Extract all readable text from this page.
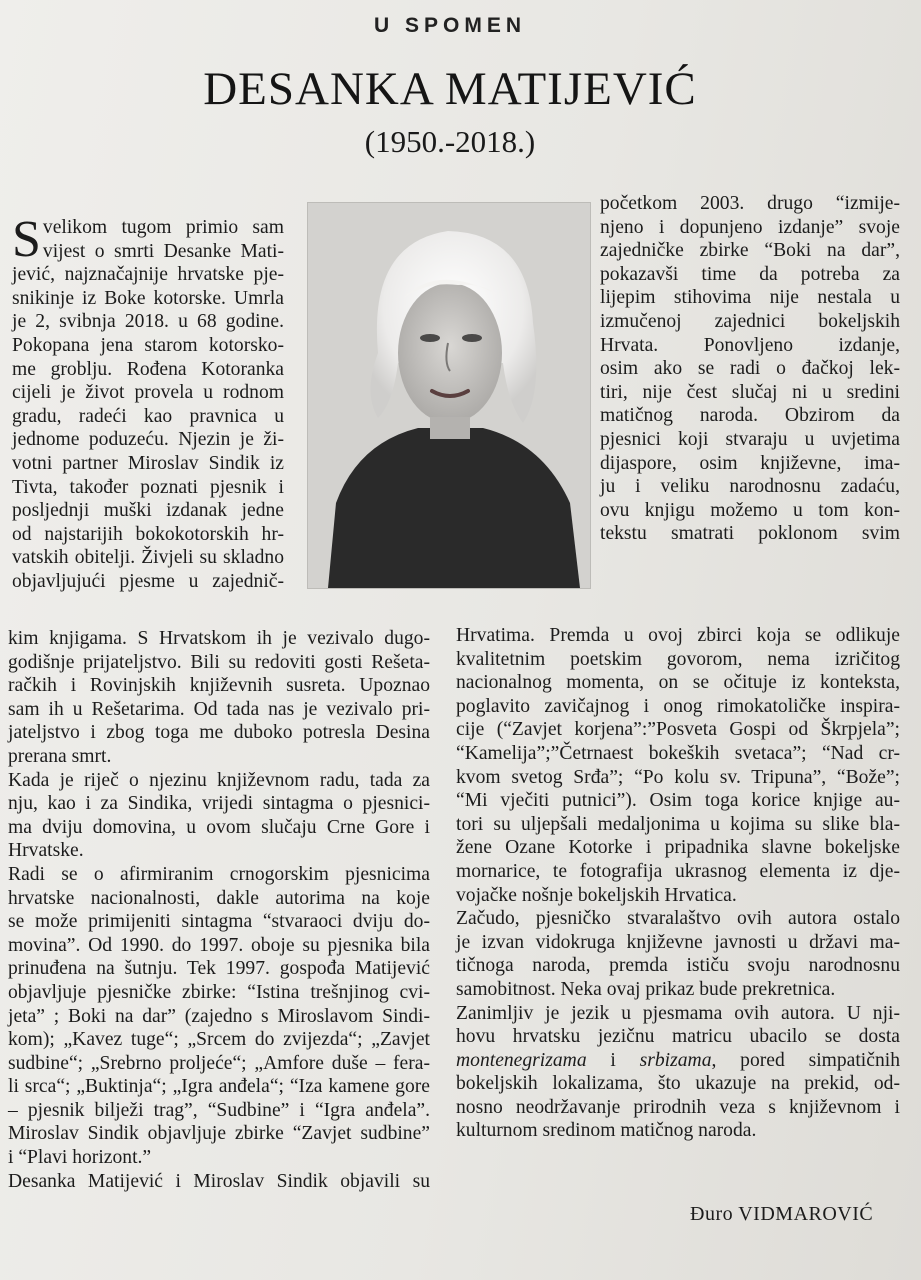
U SPOMEN
DESANKA MATIJEVIĆ
(1950.-2018.)
S velikom tugom primio sam
vijest o smrti Desanke Mati-
jević, najznačajnije hrvatske pje-
snikinje iz Boke kotorske. Umrla
je 2, svibnja 2018. u 68 godine.
Pokopana jena starom kotorsko-
me groblju. Rođena Kotoranka
cijeli je život provela u rodnom
gradu, radeći kao pravnica u
jednome poduzeću. Njezin je ži-
votni partner Miroslav Sindik iz
Tivta, također poznati pjesnik i
posljednji muški izdanak jedne
od najstarijih bokokotorskih hr-
vatskih obitelji. Živjeli su skladno
objavljujući pjesme u zajednič-
kim knjigama. S Hrvatskom ih je vezivalo dugo-
godišnje prijateljstvo. Bili su redoviti gosti Rešeta-
račkih i Rovinjskih književnih susreta. Upoznao
sam ih u Rešetarima. Od tada nas je vezivalo pri-
jateljstvo i zbog toga me duboko potresla Desina
prerana smrt.
Kada je riječ o njezinu književnom radu, tada za
nju, kao i za Sindika, vrijedi sintagma o pjesnici-
ma dviju domovina, u ovom slučaju Crne Gore i
Hrvatske.
Radi se o afirmiranim crnogorskim pjesnicima
hrvatske nacionalnosti, dakle autorima na koje
se može primijeniti sintagma “stvaraoci dviju do-
movina”. Od 1990. do 1997. oboje su pjesnika bila
prinuđena na šutnju. Tek 1997. gospođa Matijević
objavljuje pjesničke zbirke: “Istina trešnjinog cvi-
jeta” ; Boki na dar” (zajedno s Miroslavom Sindi-
kom); „Kavez tuge“; „Srcem do zvijezda“; „Zavjet
sudbine“; „Srebrno proljeće“; „Amfore duše – fera-
li srca“; „Buktinja“; „Igra anđela“; “Iza kamene gore
– pjesnik bilježi trag”, “Sudbine” i “Igra anđela”.
Miroslav Sindik objavljuje zbirke “Zavjet sudbine”
i “Plavi horizont.”
Desanka Matijević i Miroslav Sindik objavili su
početkom 2003. drugo “izmije-
njeno i dopunjeno izdanje” svoje
zajedničke zbirke “Boki na dar”,
pokazavši time da potreba za
lijepim stihovima nije nestala u
izmučenoj zajednici bokeljskih
Hrvata. Ponovljeno izdanje,
osim ako se radi o đačkoj lek-
tiri, nije čest slučaj ni u sredini
matičnog naroda. Obzirom da
pjesnici koji stvaraju u uvjetima
dijaspore, osim književne, ima-
ju i veliku narodnosnu zadaću,
ovu knjigu možemo u tom kon-
tekstu smatrati poklonom svim
Hrvatima. Premda u ovoj zbirci koja se odlikuje
kvalitetnim poetskim govorom, nema izričitog
nacionalnog momenta, on se očituje iz konteksta,
poglavito zavičajnog i onog rimokatoličke inspira-
cije (“Zavjet korjena”:”Posveta Gospi od Škrpjela”;
“Kamelija”;”Četrnaest bokeških svetaca”; “Nad cr-
kvom svetog Srđa”; “Po kolu sv. Tripuna”, “Bože”;
“Mi vječiti putnici”). Osim toga korice knjige au-
tori su uljepšali medaljonima u kojima su slike bla-
žene Ozane Kotorke i pripadnika slavne bokeljske
mornarice, te fotografija ukrasnog elementa iz dje-
vojačke nošnje bokeljskih Hrvatica.
Začudo, pjesničko stvaralaštvo ovih autora ostalo
je izvan vidokruga književne javnosti u državi ma-
tičnoga naroda, premda ističu svoju narodnosnu
samobitnost. Neka ovaj prikaz bude prekretnica.
Zanimljiv je jezik u pjesmama ovih autora. U nji-
hovu hrvatsku jezičnu matricu ubacilo se dosta
montenegrizama i srbizama, pored simpatičnih
bokeljskih lokalizama, što ukazuje na prekid, od-
nosno neodržavanje prirodnih veza s književnom i
kulturnom sredinom matičnog naroda.
Đuro VIDMAROVIĆ
